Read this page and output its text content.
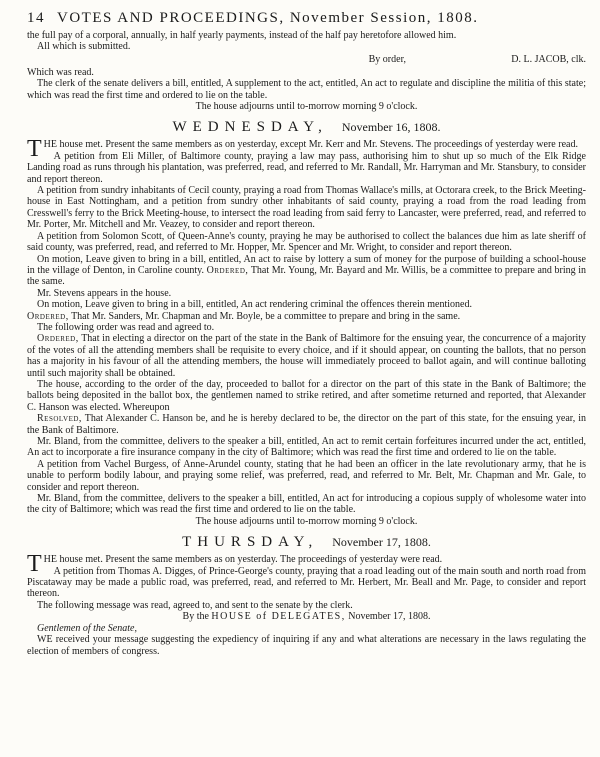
14 VOTES AND PROCEEDINGS, November Session, 1808.

the full pay of a corporal, annually, in half yearly payments, instead of the half pay heretofore allowed him.

All which is submitted.

By order,	D. L. JACOB, clk.

Which was read.

The clerk of the senate delivers a bill, entitled, A supplement to the act, entitled, An act to regulate and discipline the militia of this state; which was read the first time and ordered to lie on the table.

The house adjourns until to-morrow morning 9 o'clock.

WEDNESDAY, November 16, 1808.

THE house met. Present the same members as on yesterday, except Mr. Kerr and Mr. Stevens. The proceedings of yesterday were read.

A petition from Eli Miller, of Baltimore county, praying a law may pass, authorising him to shut up so much of the Elk Ridge Landing road as runs through his plantation, was preferred, read, and referred to Mr. Randall, Mr. Harryman and Mr. Stansbury, to consider and report thereon.

A petition from sundry inhabitants of Cecil county, praying a road from Thomas Wallace's mills, at Octorara creek, to the Brick Meeting-house in East Nottingham, and a petition from sundry other inhabitants of said county, praying a road from the road leading from Cresswell's ferry to the Brick Meeting-house, to intersect the road leading from said ferry to Lancaster, were preferred, read, and referred to Mr. Porter, Mr. Mitchell and Mr. Veazey, to consider and report thereon.

A petition from Solomon Scott, of Queen-Anne's county, praying he may be authorised to collect the balances due him as late sheriff of said county, was preferred, read, and referred to Mr. Hopper, Mr. Spencer and Mr. Wright, to consider and report thereon.

On motion, Leave given to bring in a bill, entitled, An act to raise by lottery a sum of money for the purpose of building a school-house in the village of Denton, in Caroline county. Ordered, That Mr. Young, Mr. Bayard and Mr. Willis, be a committee to prepare and bring in the same.

Mr. Stevens appears in the house.

On motion, Leave given to bring in a bill, entitled, An act rendering criminal the offences therein mentioned.

Ordered, That Mr. Sanders, Mr. Chapman and Mr. Boyle, be a committee to prepare and bring in the same.

The following order was read and agreed to.

Ordered, That in electing a director on the part of the state in the Bank of Baltimore for the ensuing year, the concurrence of a majority of the votes of all the attending members shall be requisite to every choice, and if it should appear, on counting the ballots, that no person has a majority in his favour of all the attending members, the house will immediately proceed to ballot again, and will continue balloting until such majority shall be obtained.

The house, according to the order of the day, proceeded to ballot for a director on the part of this state in the Bank of Baltimore; the ballots being deposited in the ballot box, the gentlemen named to strike retired, and after sometime returned and reported, that Alexander C. Hanson was elected. Whereupon

Resolved, That Alexander C. Hanson be, and he is hereby declared to be, the director on the part of this state, for the ensuing year, in the Bank of Baltimore.

Mr. Bland, from the committee, delivers to the speaker a bill, entitled, An act to remit certain forfeitures incurred under the act, entitled, An act to incorporate a fire insurance company in the city of Baltimore; which was read the first time and ordered to lie on the table.

A petition from Vachel Burgess, of Anne-Arundel county, stating that he had been an officer in the late revolutionary army, that he is unable to perform bodily labour, and praying some relief, was preferred, read, and referred to Mr. Belt, Mr. Chapman and Mr. Gale, to consider and report thereon.

Mr. Bland, from the committee, delivers to the speaker a bill, entitled, An act for introducing a copious supply of wholesome water into the city of Baltimore; which was read the first time and ordered to lie on the table.

The house adjourns until to-morrow morning 9 o'clock.

THURSDAY, November 17, 1808.

THE house met. Present the same members as on yesterday. The proceedings of yesterday were read.

A petition from Thomas A. Digges, of Prince-George's county, praying that a road leading out of the main south and north road from Piscataway may be made a public road, was preferred, read, and referred to Mr. Herbert, Mr. Beall and Mr. Page, to consider and report thereon.

The following message was read, agreed to, and sent to the senate by the clerk.

By the HOUSE of DELEGATES, November 17, 1808.

Gentlemen of the Senate,

WE received your message suggesting the expediency of inquiring if any and what alterations are necessary in the laws regulating the election of members of congress.
